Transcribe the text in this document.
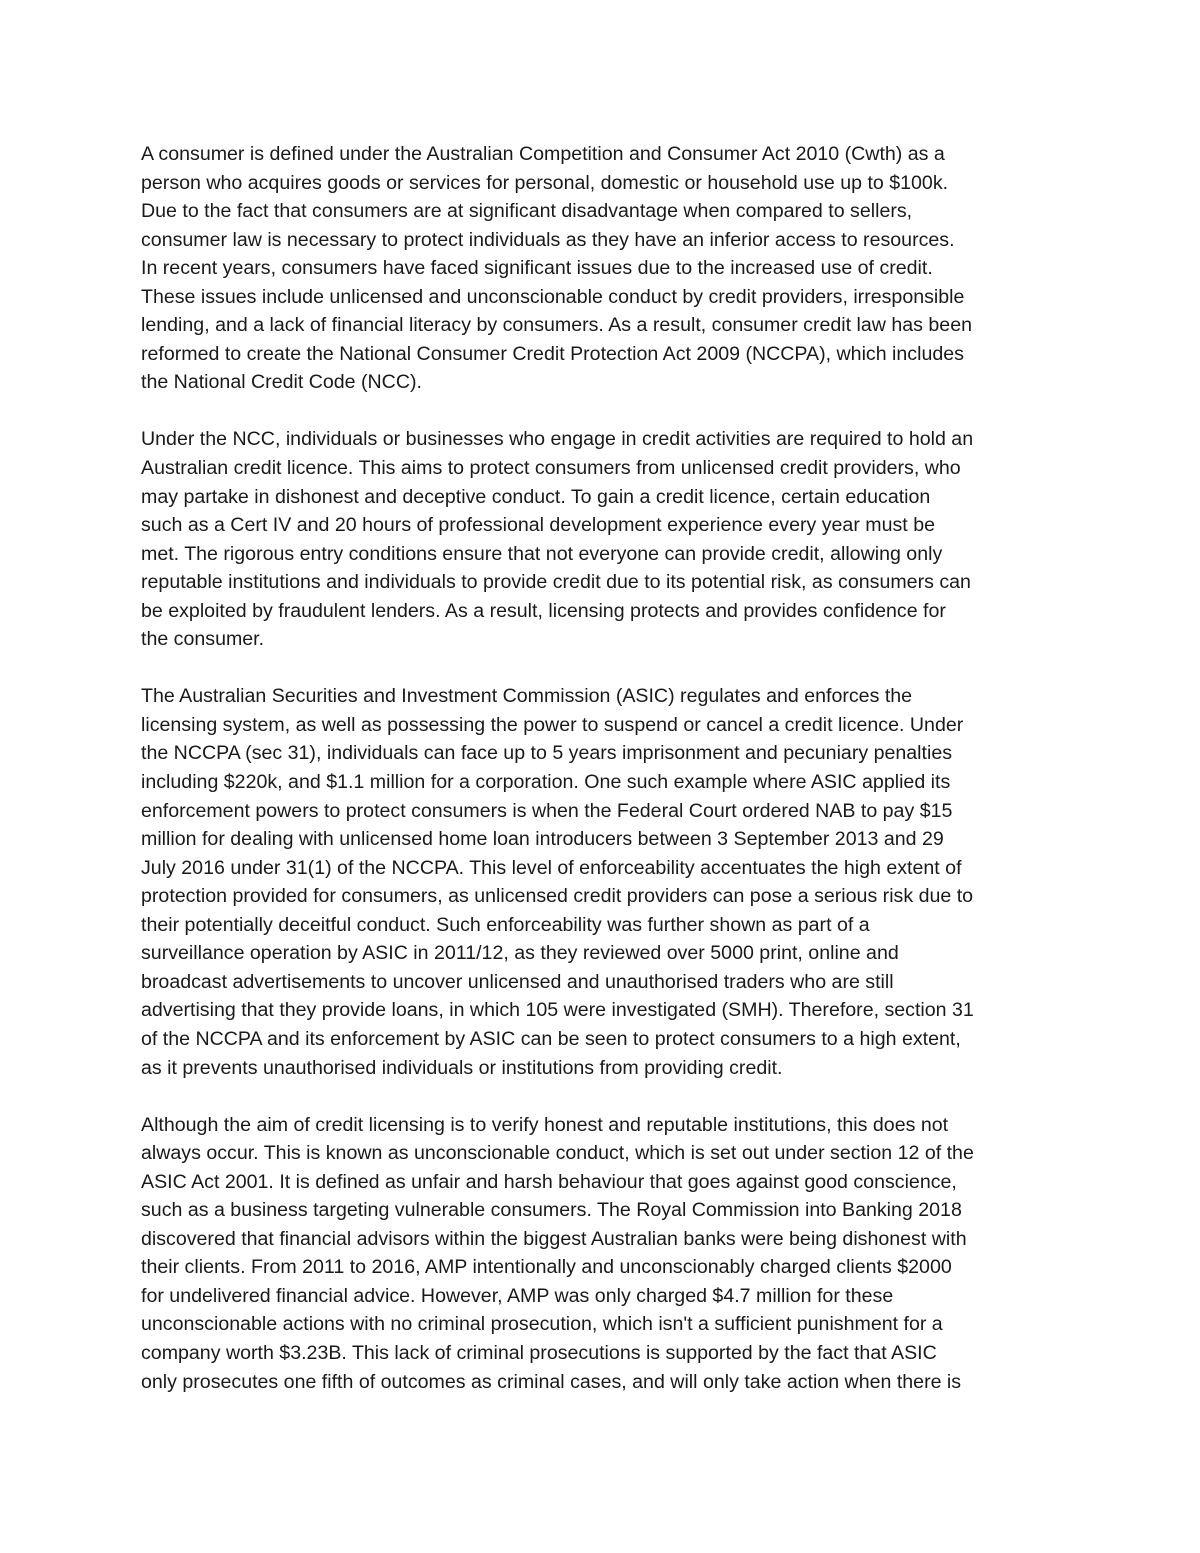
A consumer is defined under the Australian Competition and Consumer Act 2010 (Cwth) as a
person who acquires goods or services for personal, domestic or household use up to $100k.
Due to the fact that consumers are at significant disadvantage when compared to sellers,
consumer law is necessary to protect individuals as they have an inferior access to resources.
In recent years, consumers have faced significant issues due to the increased use of credit.
These issues include unlicensed and unconscionable conduct by credit providers, irresponsible
lending, and a lack of financial literacy by consumers. As a result, consumer credit law has been
reformed to create the National Consumer Credit Protection Act 2009 (NCCPA), which includes
the National Credit Code (NCC).
Under the NCC, individuals or businesses who engage in credit activities are required to hold an
Australian credit licence. This aims to protect consumers from unlicensed credit providers, who
may partake in dishonest and deceptive conduct. To gain a credit licence, certain education
such as a Cert IV and 20 hours of professional development experience every year must be
met. The rigorous entry conditions ensure that not everyone can provide credit, allowing only
reputable institutions and individuals to provide credit due to its potential risk, as consumers can
be exploited by fraudulent lenders. As a result, licensing protects and provides confidence for
the consumer.
The Australian Securities and Investment Commission (ASIC) regulates and enforces the
licensing system, as well as possessing the power to suspend or cancel a credit licence. Under
the NCCPA (sec 31), individuals can face up to 5 years imprisonment and pecuniary penalties
including $220k, and $1.1 million for a corporation. One such example where ASIC applied its
enforcement powers to protect consumers is when the Federal Court ordered NAB to pay $15
million for dealing with unlicensed home loan introducers between 3 September 2013 and 29
July 2016 under 31(1) of the NCCPA. This level of enforceability accentuates the high extent of
protection provided for consumers, as unlicensed credit providers can pose a serious risk due to
their potentially deceitful conduct. Such enforceability was further shown as part of a
surveillance operation by ASIC in 2011/12, as they reviewed over 5000 print, online and
broadcast advertisements to uncover unlicensed and unauthorised traders who are still
advertising that they provide loans, in which 105 were investigated (SMH). Therefore, section 31
of the NCCPA and its enforcement by ASIC can be seen to protect consumers to a high extent,
as it prevents unauthorised individuals or institutions from providing credit.
Although the aim of credit licensing is to verify honest and reputable institutions, this does not
always occur. This is known as unconscionable conduct, which is set out under section 12 of the
ASIC Act 2001. It is defined as unfair and harsh behaviour that goes against good conscience,
such as a business targeting vulnerable consumers. The Royal Commission into Banking 2018
discovered that financial advisors within the biggest Australian banks were being dishonest with
their clients. From 2011 to 2016, AMP intentionally and unconscionably charged clients $2000
for undelivered financial advice. However, AMP was only charged $4.7 million for these
unconscionable actions with no criminal prosecution, which isn't a sufficient punishment for a
company worth $3.23B. This lack of criminal prosecutions is supported by the fact that ASIC
only prosecutes one fifth of outcomes as criminal cases, and will only take action when there is
